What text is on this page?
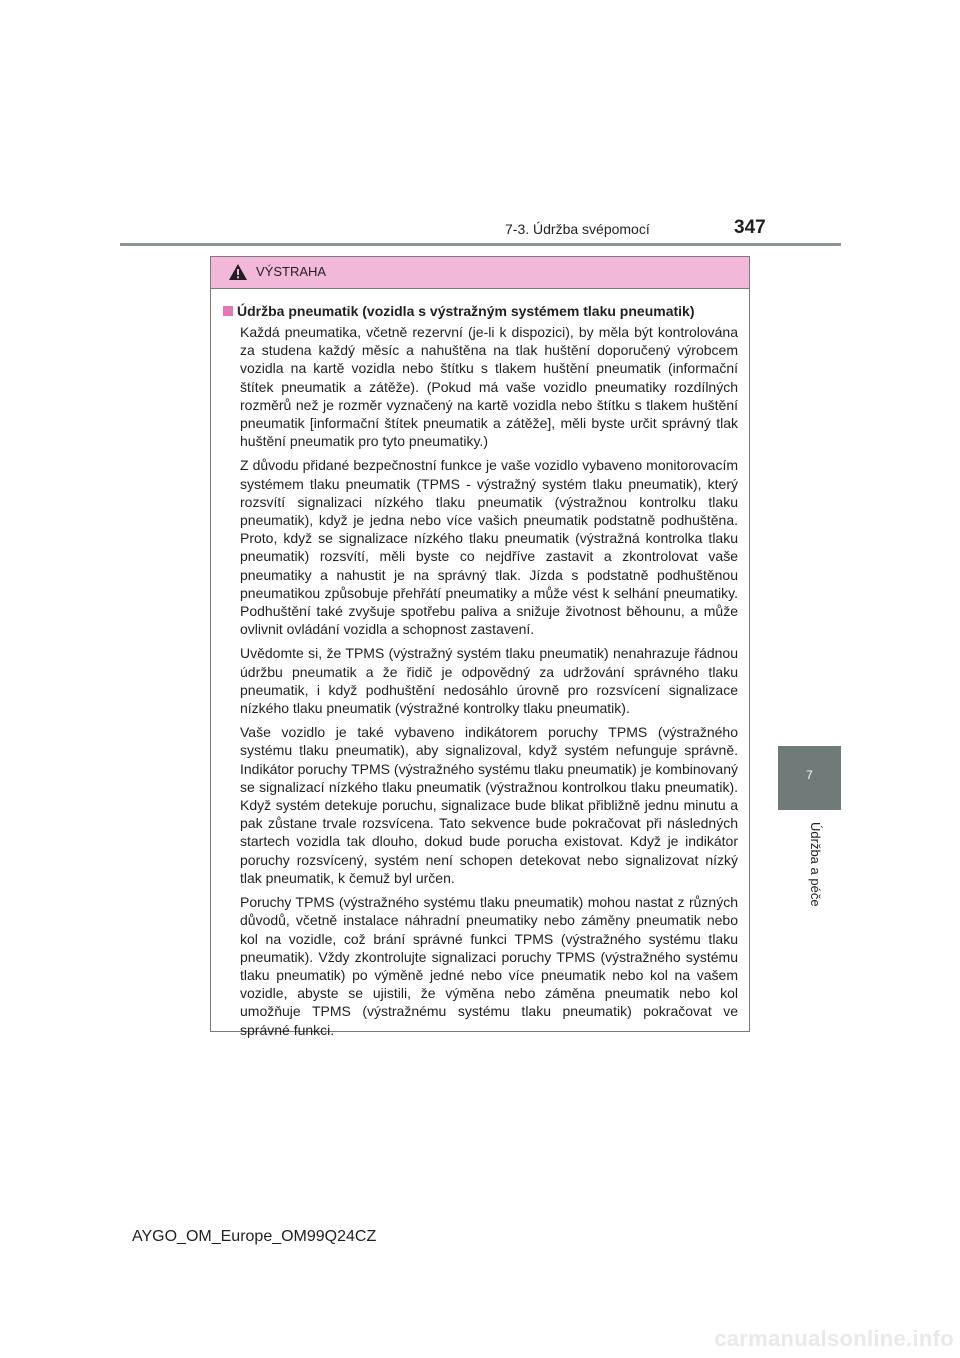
7-3. Údržba svépomocí	347
7
Údržba a péče
VÝSTRAHA
Údržba pneumatik (vozidla s výstražným systémem tlaku pneumatik)

Každá pneumatika, včetně rezervní (je-li k dispozici), by měla být kontrolována za studena každý měsíc a nahuštěna na tlak huštění doporučený výrobcem vozidla na kartě vozidla nebo štítku s tlakem huštění pneumatik (informační štítek pneumatik a zátěže). (Pokud má vaše vozidlo pneumatiky rozdílných rozměrů než je rozměr vyznačený na kartě vozidla nebo štítku s tlakem huštění pneumatik [informační štítek pneumatik a zátěže], měli byste určit správný tlak huštění pneumatik pro tyto pneumatiky.)

Z důvodu přidané bezpečnostní funkce je vaše vozidlo vybaveno monitorovacím systémem tlaku pneumatik (TPMS - výstražný systém tlaku pneumatik), který rozsvítí signalizaci nízkého tlaku pneumatik (výstražnou kontrolku tlaku pneumatik), když je jedna nebo více vašich pneumatik podstatně podhuštěna. Proto, když se signalizace nízkého tlaku pneumatik (výstražná kontrolka tlaku pneumatik) rozsvítí, měli byste co nejdříve zastavit a zkontrolovat vaše pneumatiky a nahustit je na správný tlak. Jízda s podstatně podhuštěnou pneumatikou způsobuje přehřátí pneumatiky a může vést k selhání pneumatiky. Podhuštění také zvyšuje spotřebu paliva a snižuje životnost běhounu, a může ovlivnit ovládání vozidla a schopnost zastavení.

Uvědomte si, že TPMS (výstražný systém tlaku pneumatik) nenahrazuje řádnou údržbu pneumatik a že řidič je odpovědný za udržování správného tlaku pneumatik, i když podhuštění nedosáhlo úrovně pro rozsvícení signalizace nízkého tlaku pneumatik (výstražné kontrolky tlaku pneumatik).

Vaše vozidlo je také vybaveno indikátorem poruchy TPMS (výstražného systému tlaku pneumatik), aby signalizoval, když systém nefunguje správně. Indikátor poruchy TPMS (výstražného systému tlaku pneumatik) je kombinovaný se signalizací nízkého tlaku pneumatik (výstražnou kontrolkou tlaku pneumatik). Když systém detekuje poruchu, signalizace bude blikat přibližně jednu minutu a pak zůstane trvale rozsvícena. Tato sekvence bude pokračovat při následných startech vozidla tak dlouho, dokud bude porucha existovat. Když je indikátor poruchy rozsvícený, systém není schopen detekovat nebo signalizovat nízký tlak pneumatik, k čemuž byl určen.

Poruchy TPMS (výstražného systému tlaku pneumatik) mohou nastat z různých důvodů, včetně instalace náhradní pneumatiky nebo záměny pneumatik nebo kol na vozidle, což brání správné funkci TPMS (výstražného systému tlaku pneumatik). Vždy zkontrolujte signalizaci poruchy TPMS (výstražného systému tlaku pneumatik) po výměně jedné nebo více pneumatik nebo kol na vašem vozidle, abyste se ujistili, že výměna nebo záměna pneumatik nebo kol umožňuje TPMS (výstražnému systému tlaku pneumatik) pokračovat ve správné funkci.

AYGO_OM_Europe_OM99Q24CZ
carmanualsonline.info
